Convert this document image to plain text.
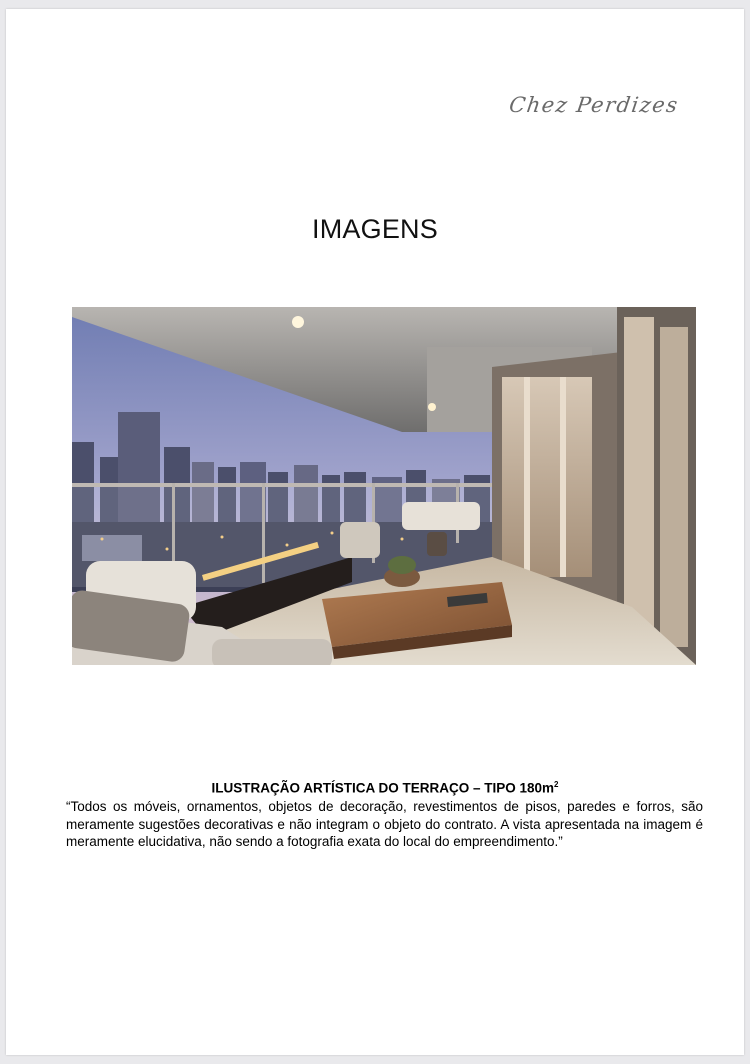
Chez Perdizes
IMAGENS
ILUSTRAÇÃO ARTÍSTICA DO TERRAÇO – TIPO $180m^2$
“Todos os móveis, ornamentos, objetos de decoração, revestimentos de pisos, paredes e forros, são meramente sugestões decorativas e não integram o objeto do contrato. A vista apresentada na imagem é meramente elucidativa, não sendo a fotografia exata do local do empreendimento.”
